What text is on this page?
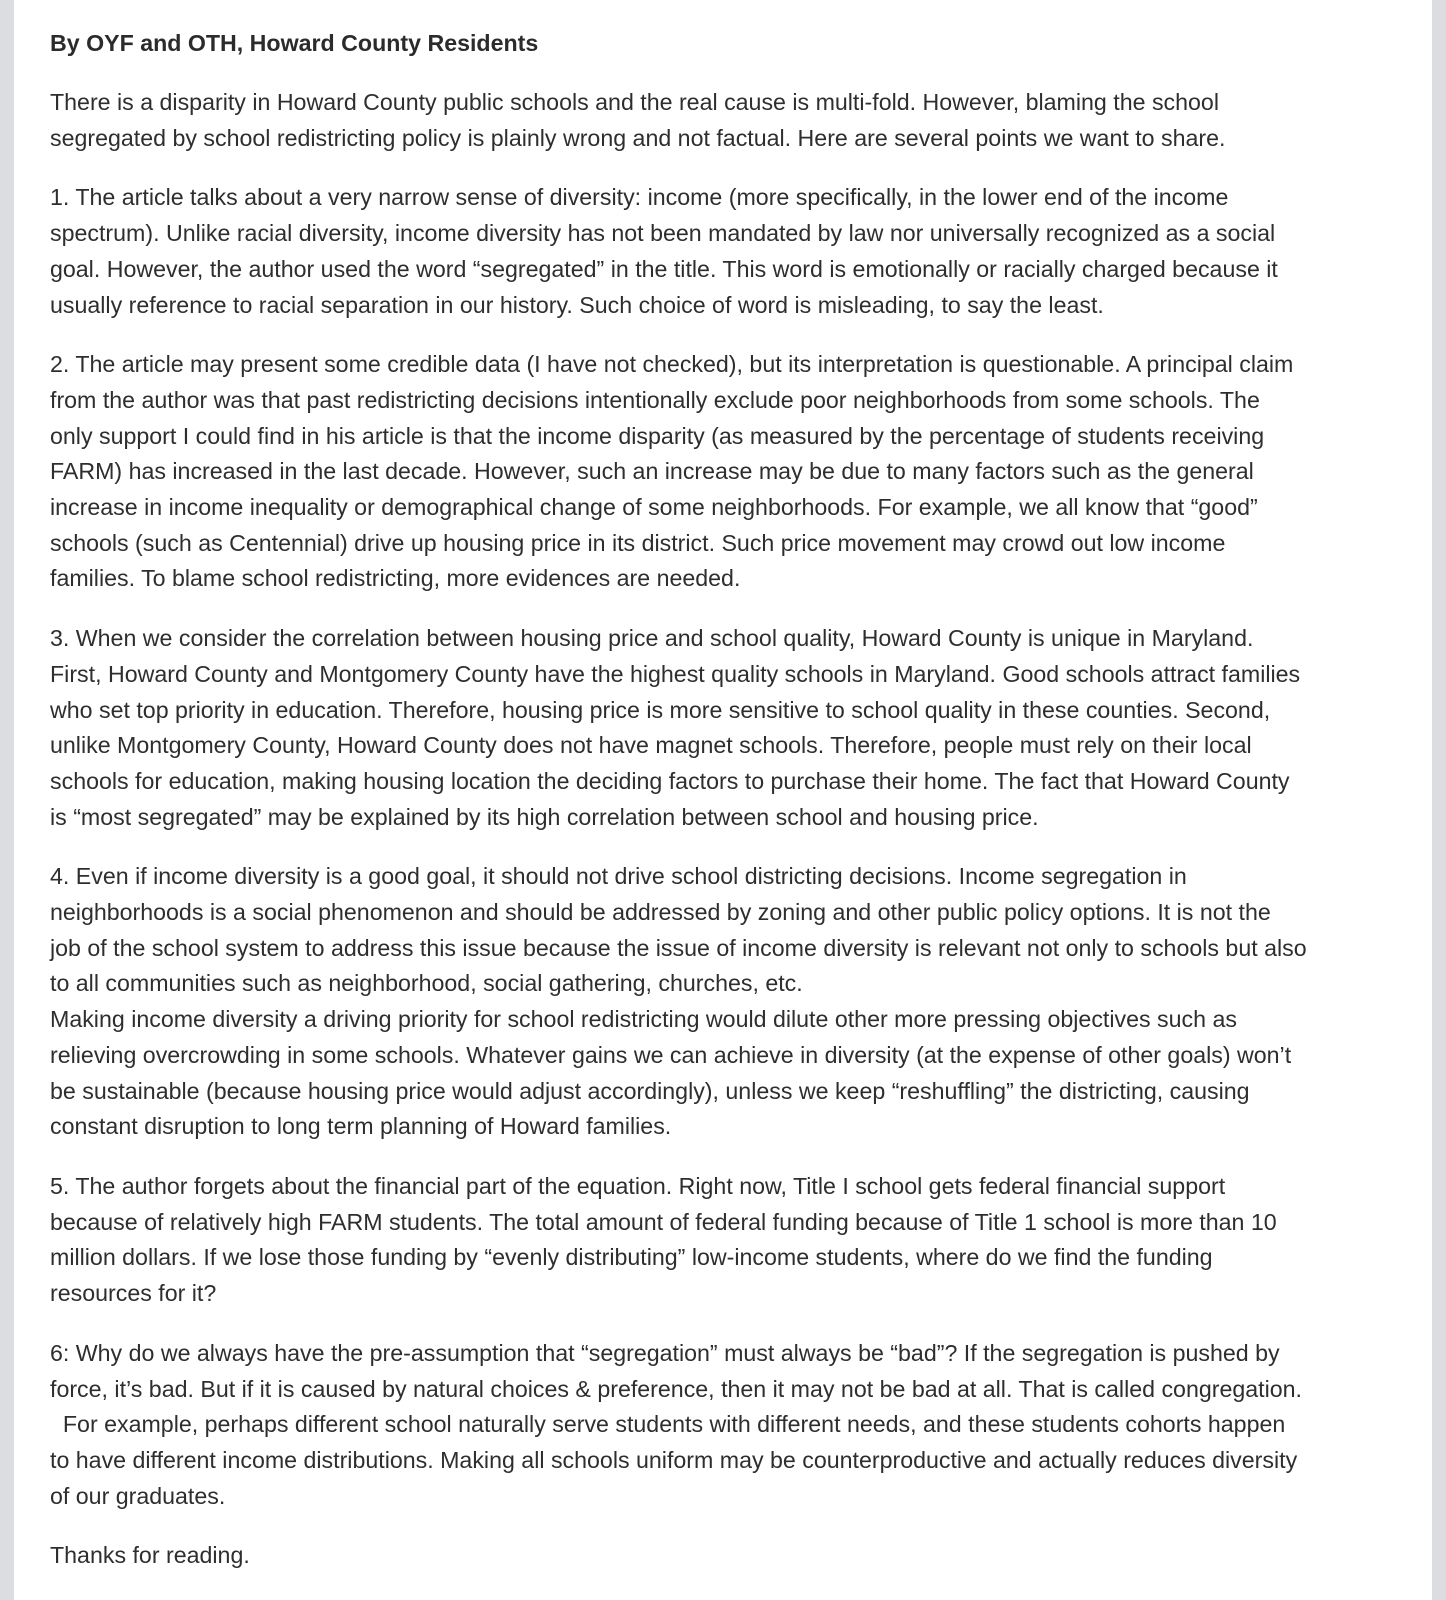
By OYF and OTH, Howard County Residents
There is a disparity in Howard County public schools and the real cause is multi-fold. However, blaming the school
segregated by school redistricting policy is plainly wrong and not factual. Here are several points we want to share.
1. The article talks about a very narrow sense of diversity: income (more specifically, in the lower end of the income
spectrum). Unlike racial diversity, income diversity has not been mandated by law nor universally recognized as a social
goal. However, the author used the word “segregated” in the title. This word is emotionally or racially charged because it
usually reference to racial separation in our history. Such choice of word is misleading, to say the least.
2. The article may present some credible data (I have not checked), but its interpretation is questionable. A principal claim
from the author was that past redistricting decisions intentionally exclude poor neighborhoods from some schools. The
only support I could find in his article is that the income disparity (as measured by the percentage of students receiving
FARM) has increased in the last decade. However, such an increase may be due to many factors such as the general
increase in income inequality or demographical change of some neighborhoods. For example, we all know that “good”
schools (such as Centennial) drive up housing price in its district. Such price movement may crowd out low income
families. To blame school redistricting, more evidences are needed.
3. When we consider the correlation between housing price and school quality, Howard County is unique in Maryland.
First, Howard County and Montgomery County have the highest quality schools in Maryland. Good schools attract families
who set top priority in education. Therefore, housing price is more sensitive to school quality in these counties. Second,
unlike Montgomery County, Howard County does not have magnet schools. Therefore, people must rely on their local
schools for education, making housing location the deciding factors to purchase their home. The fact that Howard County
is “most segregated” may be explained by its high correlation between school and housing price.
4. Even if income diversity is a good goal, it should not drive school districting decisions. Income segregation in
neighborhoods is a social phenomenon and should be addressed by zoning and other public policy options. It is not the
job of the school system to address this issue because the issue of income diversity is relevant not only to schools but also
to all communities such as neighborhood, social gathering, churches, etc.
Making income diversity a driving priority for school redistricting would dilute other more pressing objectives such as
relieving overcrowding in some schools. Whatever gains we can achieve in diversity (at the expense of other goals) won’t
be sustainable (because housing price would adjust accordingly), unless we keep “reshuffling” the districting, causing
constant disruption to long term planning of Howard families.
5. The author forgets about the financial part of the equation. Right now, Title I school gets federal financial support
because of relatively high FARM students. The total amount of federal funding because of Title 1 school is more than 10
million dollars. If we lose those funding by “evenly distributing” low-income students, where do we find the funding
resources for it?
6: Why do we always have the pre-assumption that “segregation” must always be “bad”? If the segregation is pushed by
force, it’s bad. But if it is caused by natural choices & preference, then it may not be bad at all. That is called congregation.
For example, perhaps different school naturally serve students with different needs, and these students cohorts happen
to have different income distributions. Making all schools uniform may be counterproductive and actually reduces diversity
of our graduates.
Thanks for reading.
